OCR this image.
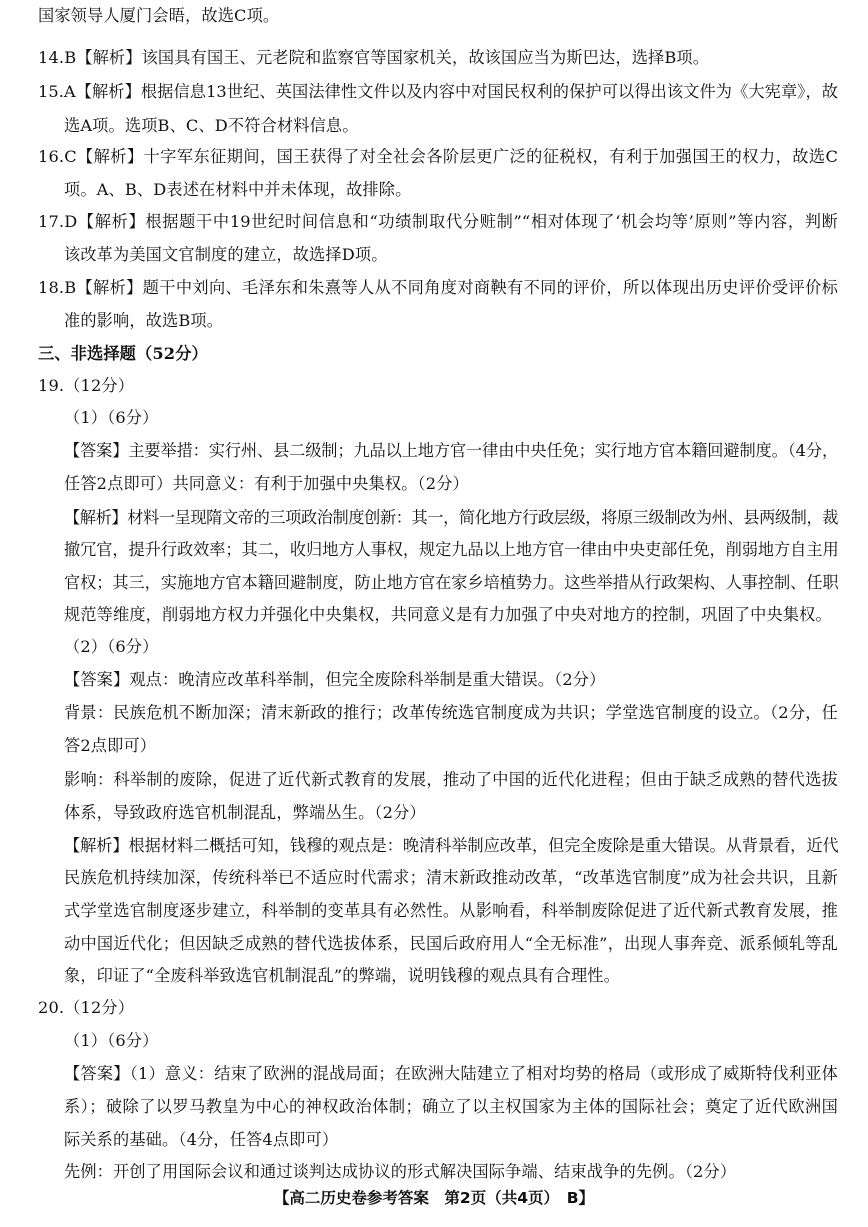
国家领导人厦门会晤，故选C项。
14.B【解析】该国具有国王、元老院和监察官等国家机关，故该国应当为斯巴达，选择B项。
15.A【解析】根据信息13世纪、英国法律性文件以及内容中对国民权利的保护可以得出该文件为《大宪章》，故
选A项。选项B、C、D不符合材料信息。
16.C【解析】十字军东征期间，国王获得了对全社会各阶层更广泛的征税权，有利于加强国王的权力，故选C
项。A、B、D表述在材料中并未体现，故排除。
17.D【解析】根据题干中19世纪时间信息和“功绩制取代分赃制”“相对体现了‘机会均等’原则”等内容，判断
该改革为美国文官制度的建立，故选择D项。
18.B【解析】题干中刘向、毛泽东和朱熹等人从不同角度对商鞅有不同的评价，所以体现出历史评价受评价标
准的影响，故选B项。
三、非选择题（52分）
19.（12分）
（1）（6分）
【答案】主要举措：实行州、县二级制；九品以上地方官一律由中央任免；实行地方官本籍回避制度。（4分，
任答2点即可）共同意义：有利于加强中央集权。（2分）
【解析】材料一呈现隋文帝的三项政治制度创新：其一，简化地方行政层级，将原三级制改为州、县两级制，裁
撤冗官，提升行政效率；其二，收归地方人事权，规定九品以上地方官一律由中央吏部任免，削弱地方自主用
官权；其三，实施地方官本籍回避制度，防止地方官在家乡培植势力。这些举措从行政架构、人事控制、任职
规范等维度，削弱地方权力并强化中央集权，共同意义是有力加强了中央对地方的控制，巩固了中央集权。
（2）（6分）
【答案】观点：晚清应改革科举制，但完全废除科举制是重大错误。（2分）
背景：民族危机不断加深；清末新政的推行；改革传统选官制度成为共识；学堂选官制度的设立。（2分，任
答2点即可）
影响：科举制的废除，促进了近代新式教育的发展，推动了中国的近代化进程；但由于缺乏成熟的替代选拔
体系，导致政府选官机制混乱，弊端丛生。（2分）
【解析】根据材料二概括可知，钱穆的观点是：晚清科举制应改革，但完全废除是重大错误。从背景看，近代
民族危机持续加深，传统科举已不适应时代需求；清末新政推动改革，“改革选官制度”成为社会共识，且新
式学堂选官制度逐步建立，科举制的变革具有必然性。从影响看，科举制废除促进了近代新式教育发展，推
动中国近代化；但因缺乏成熟的替代选拔体系，民国后政府用人“全无标准”，出现人事奔竞、派系倾轧等乱
象，印证了“全废科举致选官机制混乱”的弊端，说明钱穆的观点具有合理性。
20.（12分）
（1）（6分）
【答案】（1）意义：结束了欧洲的混战局面；在欧洲大陆建立了相对均势的格局（或形成了威斯特伐利亚体
系）；破除了以罗马教皇为中心的神权政治体制；确立了以主权国家为主体的国际社会；奠定了近代欧洲国
际关系的基础。（4分，任答4点即可）
先例：开创了用国际会议和通过谈判达成协议的形式解决国际争端、结束战争的先例。（2分）
【高二历史卷参考答案　第2页（共4页）　B】
